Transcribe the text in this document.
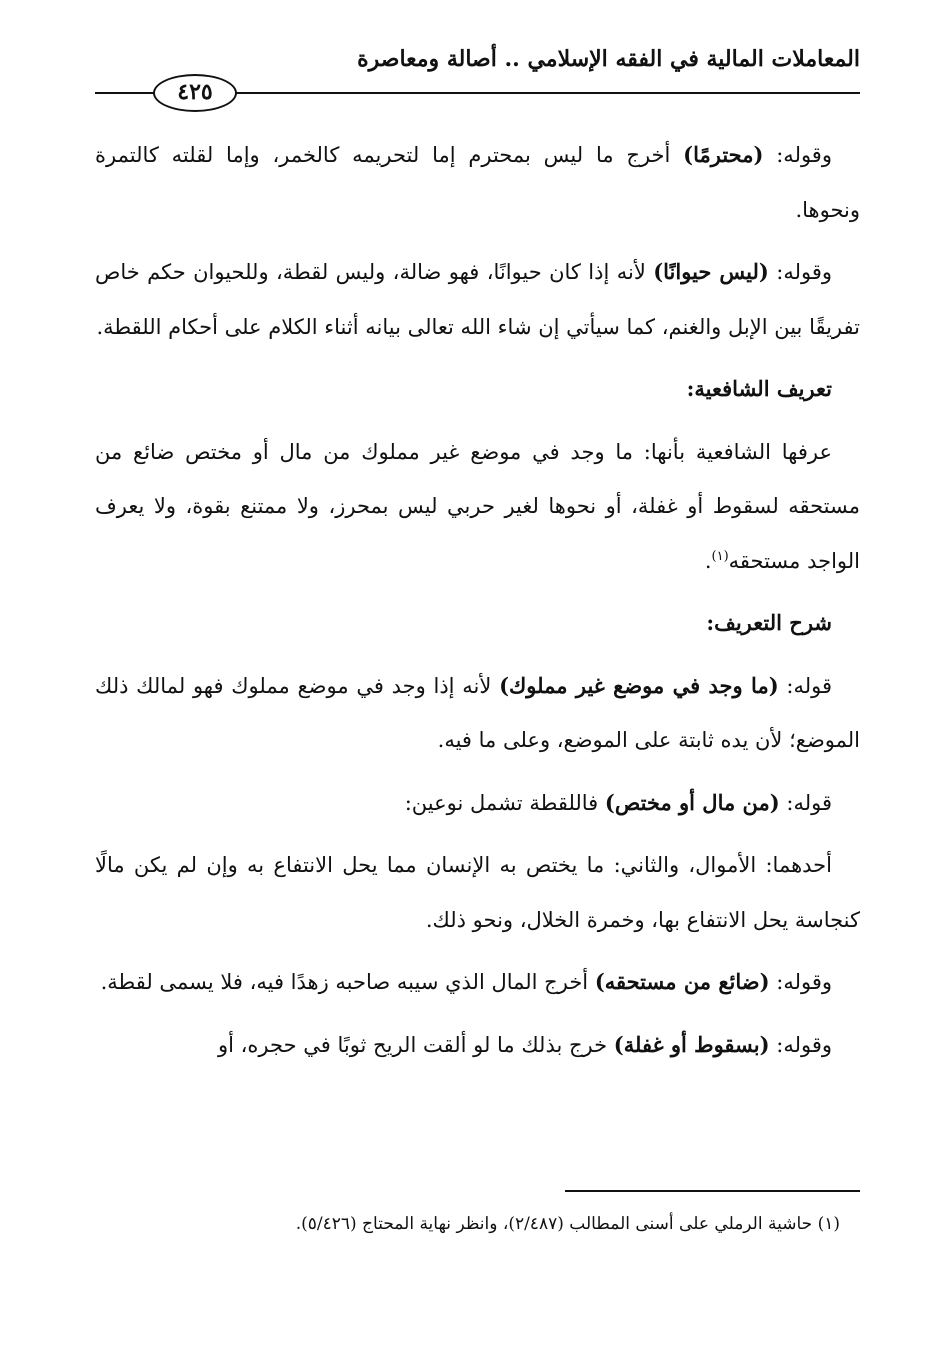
المعاملات المالية في الفقه الإسلامي .. أصالة ومعاصرة
٤٢٥

وقوله: (محترمًا) أخرج ما ليس بمحترم إما لتحريمه كالخمر، وإما لقلته كالتمرة ونحوها.

وقوله: (ليس حيوانًا) لأنه إذا كان حيوانًا، فهو ضالة، وليس لقطة، وللحيوان حكم خاص تفريقًا بين الإبل والغنم، كما سيأتي إن شاء الله تعالى بيانه أثناء الكلام على أحكام اللقطة.

تعريف الشافعية:

عرفها الشافعية بأنها: ما وجد في موضع غير مملوك من مال أو مختص ضائع من مستحقه لسقوط أو غفلة، أو نحوها لغير حربي ليس بمحرز، ولا ممتنع بقوة، ولا يعرف الواجد مستحقه$^{(١)}$.

شرح التعريف:

قوله: (ما وجد في موضع غير مملوك) لأنه إذا وجد في موضع مملوك فهو لمالك ذلك الموضع؛ لأن يده ثابتة على الموضع، وعلى ما فيه.

قوله: (من مال أو مختص) فاللقطة تشمل نوعين:

أحدهما: الأموال، والثاني: ما يختص به الإنسان مما يحل الانتفاع به وإن لم يكن مالًا كنجاسة يحل الانتفاع بها، وخمرة الخلال، ونحو ذلك.

وقوله: (ضائع من مستحقه) أخرج المال الذي سيبه صاحبه زهدًا فيه، فلا يسمى لقطة.

وقوله: (بسقوط أو غفلة) خرج بذلك ما لو ألقت الريح ثوبًا في حجره، أو

(١) حاشية الرملي على أسنى المطالب (٢/٤٨٧)، وانظر نهاية المحتاج (٥/٤٢٦).
